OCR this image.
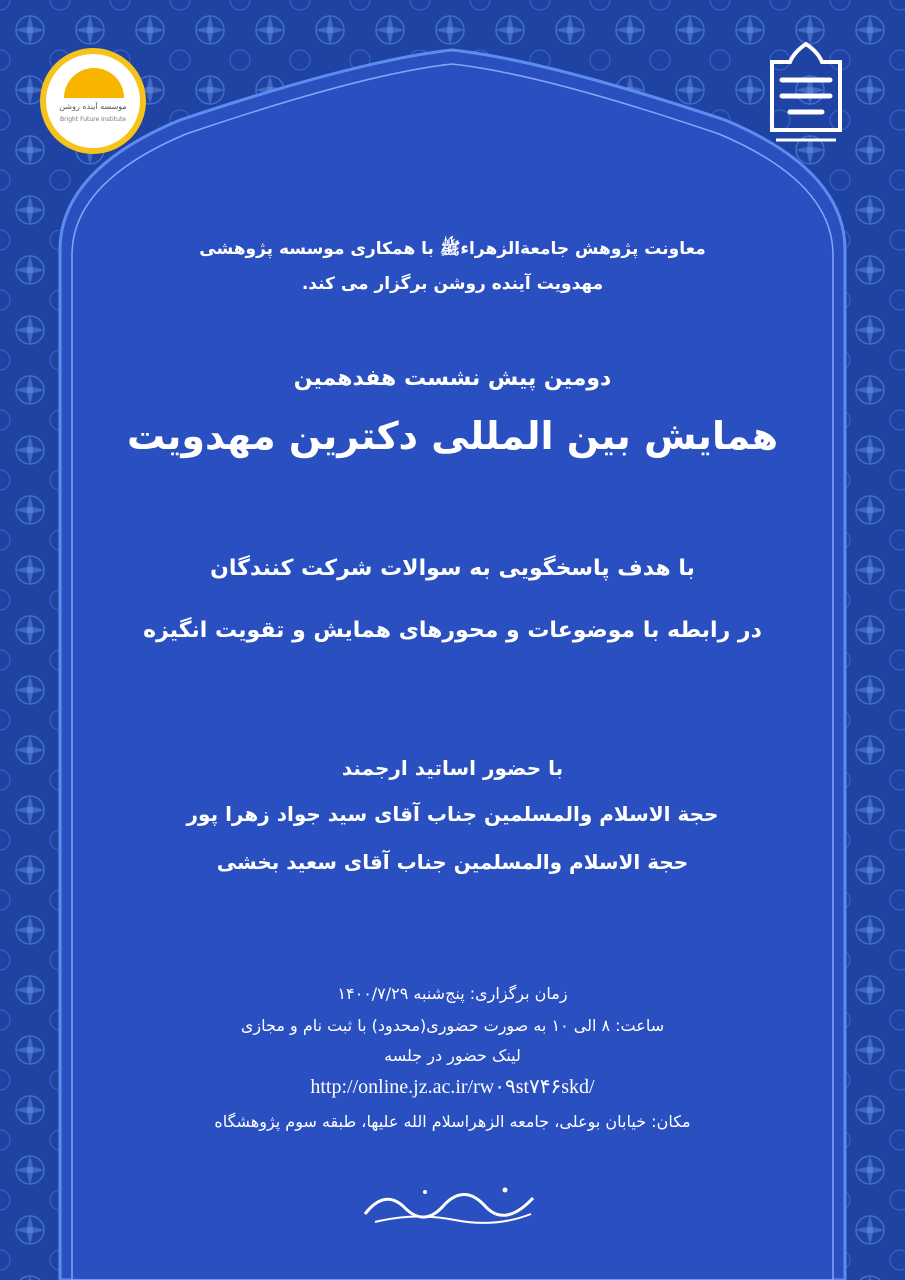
موسسه آینده روشن
Bright Future Institute
معاونت پژوهش جامعةالزهراءﷺ با همکاری موسسه پژوهشی
مهدویت آینده روشن برگزار می کند.
دومین پیش نشست هفدهمین
همایش بین المللی دکترین مهدویت
با هدف پاسخگویی به سوالات شرکت کنندگان
در رابطه با موضوعات و محورهای همایش و تقویت انگیزه
با حضور اساتید ارجمند
حجة الاسلام والمسلمین جناب آقای سید جواد زهرا پور
حجة الاسلام والمسلمین جناب آقای سعید بخشی
زمان برگزاری: پنج‌شنبه ۱۴۰۰/۷/۲۹
ساعت: ۸ الی ۱۰ به صورت حضوری(محدود) با ثبت نام و مجازی
لینک حضور در جلسه
http://online.jz.ac.ir/rw۰۹st۷۴۶skd/
مکان: خیابان بوعلی، جامعه الزهراسلام الله علیها، طبقه سوم پژوهشگاه
